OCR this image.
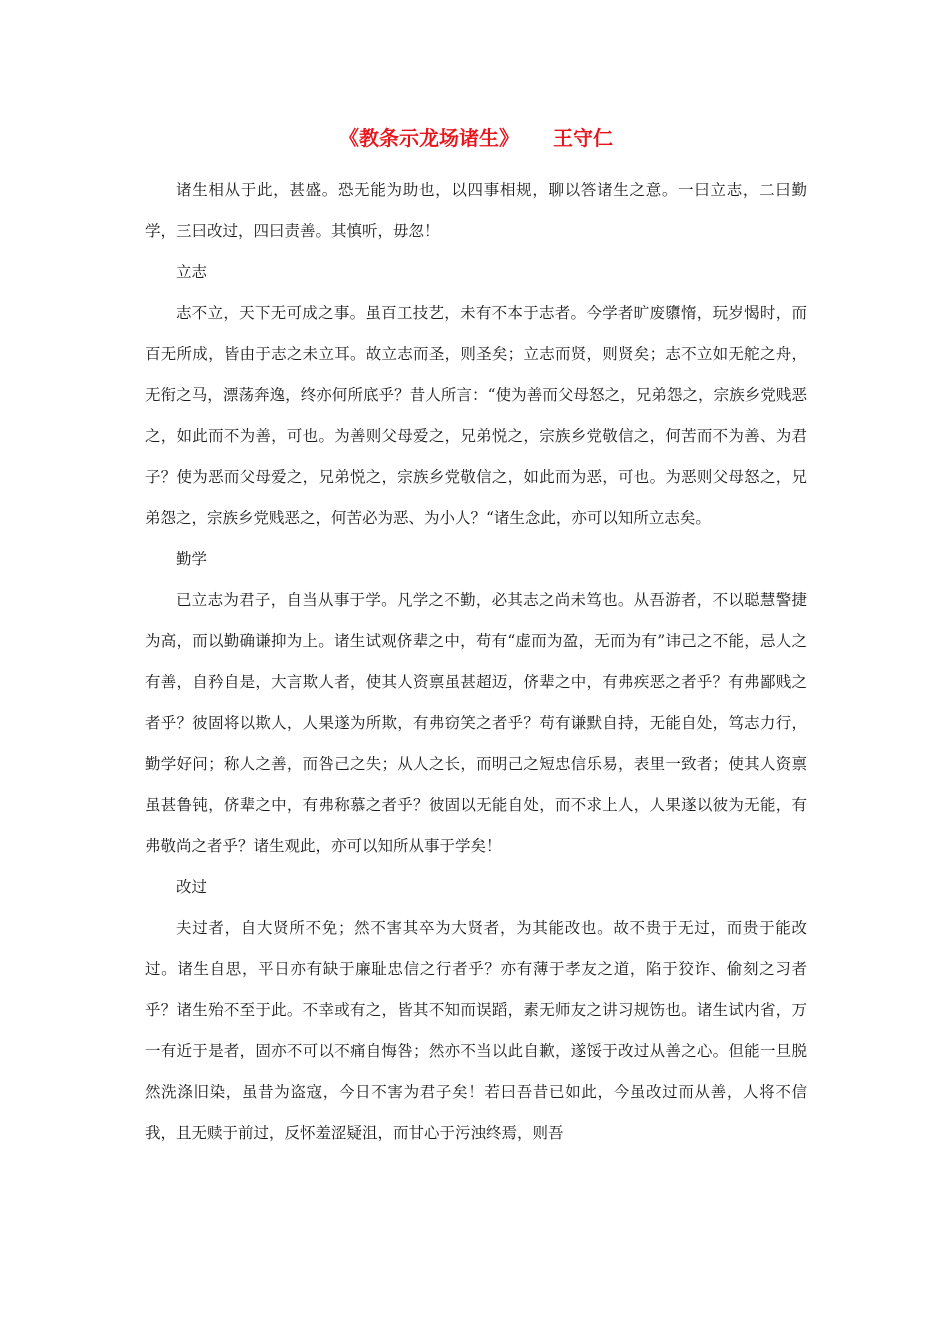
《教条示龙场诸生》 王守仁

诸生相从于此，甚盛。恐无能为助也，以四事相规，聊以答诸生之意。一曰立志，二曰勤学，三曰改过，四曰责善。其慎听，毋忽！

立志

志不立，天下无可成之事。虽百工技艺，未有不本于志者。今学者旷废隳惰，玩岁愒时，而百无所成，皆由于志之未立耳。故立志而圣，则圣矣；立志而贤，则贤矣；志不立如无舵之舟，无衔之马，漂荡奔逸，终亦何所底乎？昔人所言：“使为善而父母怒之，兄弟怨之，宗族乡党贱恶之，如此而不为善，可也。为善则父母爱之，兄弟悦之，宗族乡党敬信之，何苦而不为善、为君子？使为恶而父母爱之，兄弟悦之，宗族乡党敬信之，如此而为恶，可也。为恶则父母怒之，兄弟怨之，宗族乡党贱恶之，何苦必为恶、为小人？“诸生念此，亦可以知所立志矣。

勤学

已立志为君子，自当从事于学。凡学之不勤，必其志之尚未笃也。从吾游者，不以聪慧警捷为高，而以勤确谦抑为上。诸生试观侪辈之中，苟有“虚而为盈，无而为有”讳己之不能，忌人之有善，自矜自是，大言欺人者，使其人资禀虽甚超迈，侪辈之中，有弗疾恶之者乎？有弗鄙贱之者乎？彼固将以欺人，人果遂为所欺，有弗窃笑之者乎？苟有谦默自持，无能自处，笃志力行，勤学好问；称人之善，而咎己之失；从人之长，而明己之短忠信乐易，表里一致者；使其人资禀虽甚鲁钝，侪辈之中，有弗称慕之者乎？彼固以无能自处，而不求上人，人果遂以彼为无能，有弗敬尚之者乎？诸生观此，亦可以知所从事于学矣！

改过

夫过者，自大贤所不免；然不害其卒为大贤者，为其能改也。故不贵于无过，而贵于能改过。诸生自思，平日亦有缺于廉耻忠信之行者乎？亦有薄于孝友之道，陷于狡诈、偷刻之习者乎？诸生殆不至于此。不幸或有之，皆其不知而误蹈，素无师友之讲习规饬也。诸生试内省，万一有近于是者，固亦不可以不痛自悔咎；然亦不当以此自歉，遂馁于改过从善之心。但能一旦脱然洗涤旧染，虽昔为盗寇，今日不害为君子矣！若曰吾昔已如此，今虽改过而从善，人将不信我，且无赎于前过，反怀羞涩疑沮，而甘心于污浊终焉，则吾
